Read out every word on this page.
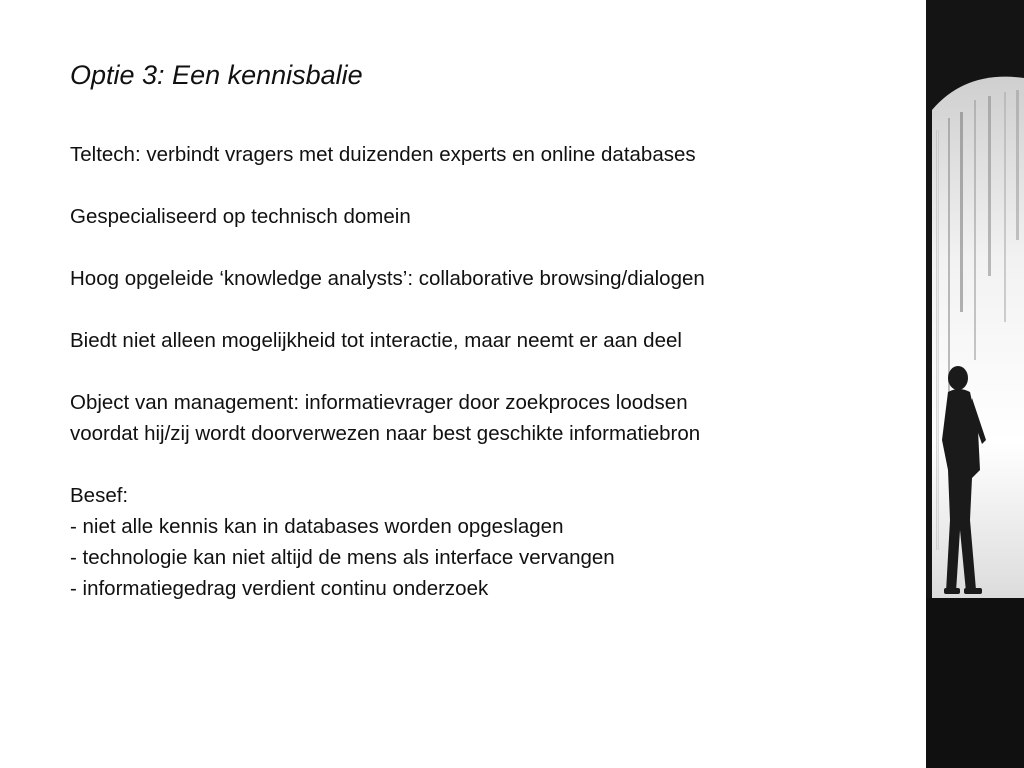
Optie 3: Een kennisbalie

Teltech: verbindt vragers met duizenden experts en online databases

Gespecialiseerd op technisch domein

Hoog opgeleide ‘knowledge analysts’: collaborative browsing/dialogen

Biedt niet alleen mogelijkheid tot interactie, maar neemt er aan deel

Object van management: informatievrager door zoekproces loodsen
voordat hij/zij wordt doorverwezen naar best geschikte informatiebron

Besef:
- niet alle kennis kan in databases worden opgeslagen
- technologie kan niet altijd de mens als interface vervangen
- informatiegedrag verdient continu onderzoek
